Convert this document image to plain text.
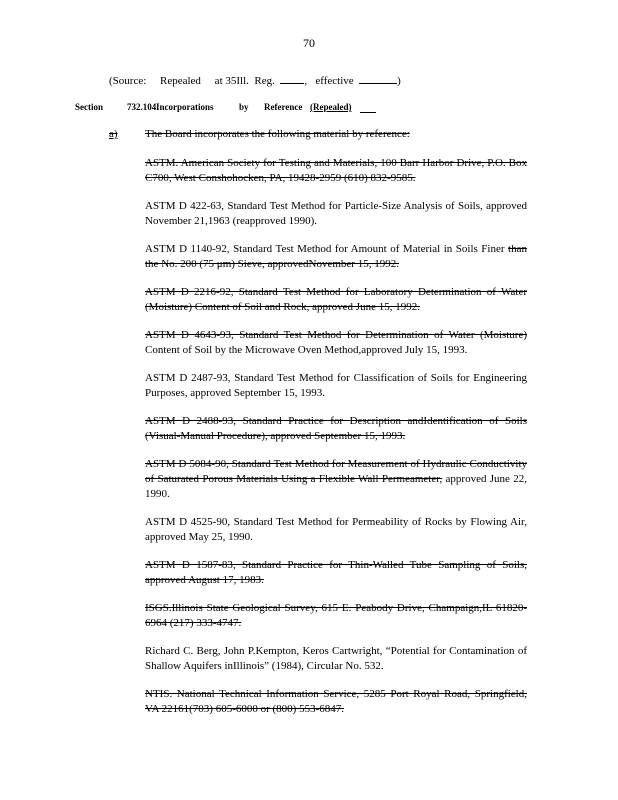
70
(Source:     Repealed     at 35Ill.  Reg.	,   effective	)
Section	732.104 Incorporations	by Reference (Repealed)
a) The Board incorporates the following material by reference:

ASTM. American Society for Testing and Materials, 100 Barr Harbor Drive, P.O. Box C700, West Conshohocken, PA, 19428-2959 (610) 832-9585.

ASTM D 422-63, Standard Test Method for Particle-Size Analysis of Soils, approved November 21,1963 (reapproved 1990).

ASTM D 1140-92, Standard Test Method for Amount of Material in Soils Finer than the No. 200 (75 μm) Sieve, approvedNovember 15, 1992.

ASTM D 2216-92, Standard Test Method for Laboratory Determination of Water (Moisture) Content of Soil and Rock, approved June 15, 1992.

ASTM D 4643-93, Standard Test Method for Determination of Water (Moisture) Content of Soil by the Microwave Oven Method,approved July 15, 1993.

ASTM D 2487-93, Standard Test Method for Classification of Soils for Engineering Purposes, approved September 15, 1993.

ASTM D 2488-93, Standard Practice for Description andIdentification of Soils (Visual-Manual Procedure), approved September 15, 1993.

ASTM D 5084-90, Standard Test Method for Measurement of Hydraulic Conductivity of Saturated Porous Materials Using a Flexible Wall Permeameter, approved June 22, 1990.

ASTM D 4525-90, Standard Test Method for Permeability of Rocks by Flowing Air, approved May 25, 1990.

ASTM D 1587-83, Standard Practice for Thin-Walled Tube Sampling of Soils, approved August 17, 1983.

ISGS.Illinois State Geological Survey, 615 E. Peabody Drive, Champaign,IL 61820-6964 (217) 333-4747.

Richard C. Berg, John P.Kempton, Keros Cartwright, “Potential for Contamination of Shallow Aquifers inIllinois” (1984), Circular No. 532.

NTIS. National Technical Information Service, 5285 Port Royal Road, Springfield, VA 22161(703) 605-6000 or (800) 553-6847.
